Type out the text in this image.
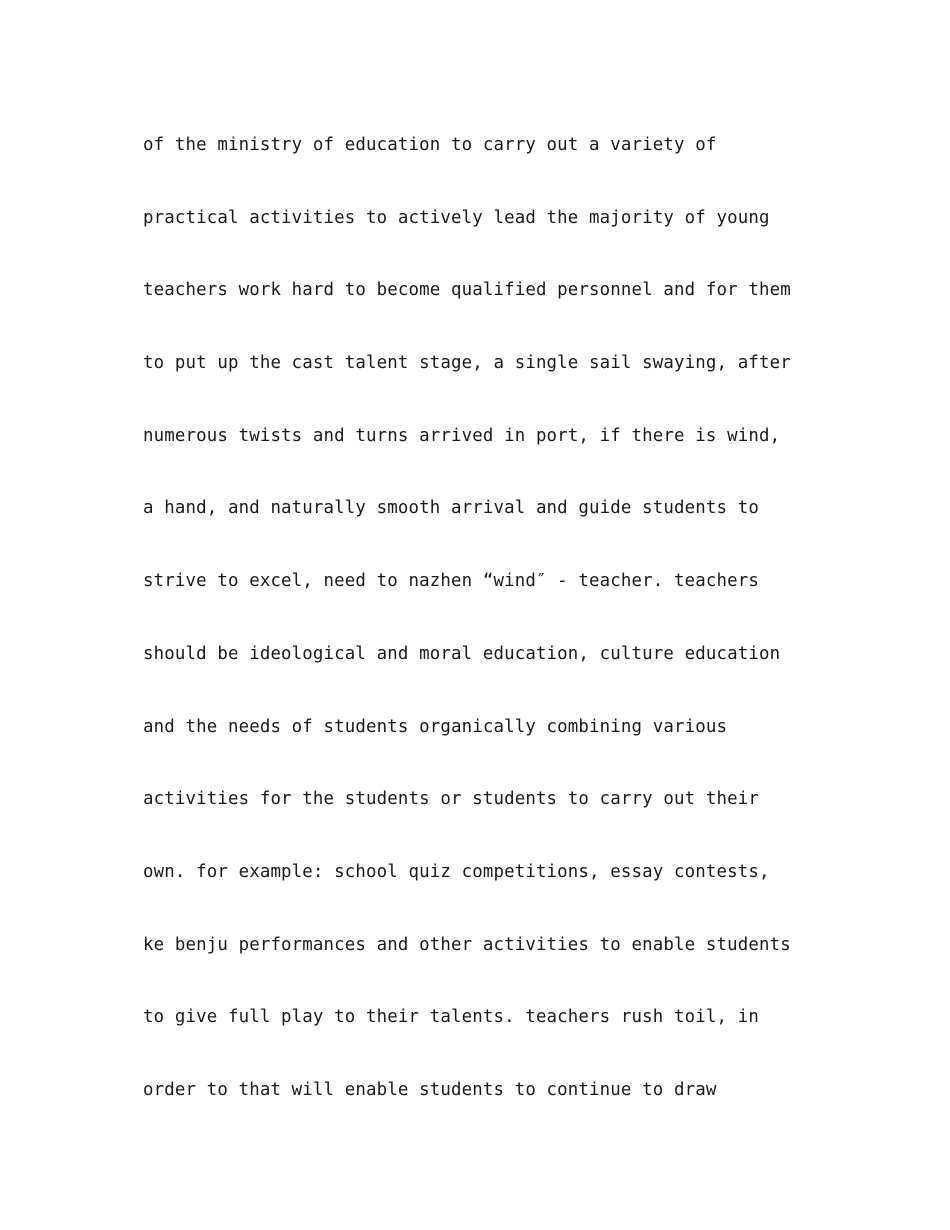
of the ministry of education to carry out a variety of
practical activities to actively lead the majority of young
teachers work hard to become qualified personnel and for them
to put up the cast talent stage, a single sail swaying, after
numerous twists and turns arrived in port, if there is wind,
a hand, and naturally smooth arrival and guide students to
strive to excel, need to nazhen “wind″ - teacher. teachers
should be ideological and moral education, culture education
and the needs of students organically combining various
activities for the students or students to carry out their
own. for example: school quiz competitions, essay contests,
ke benju performances and other activities to enable students
to give full play to their talents. teachers rush toil, in
order to that will enable students to continue to draw
